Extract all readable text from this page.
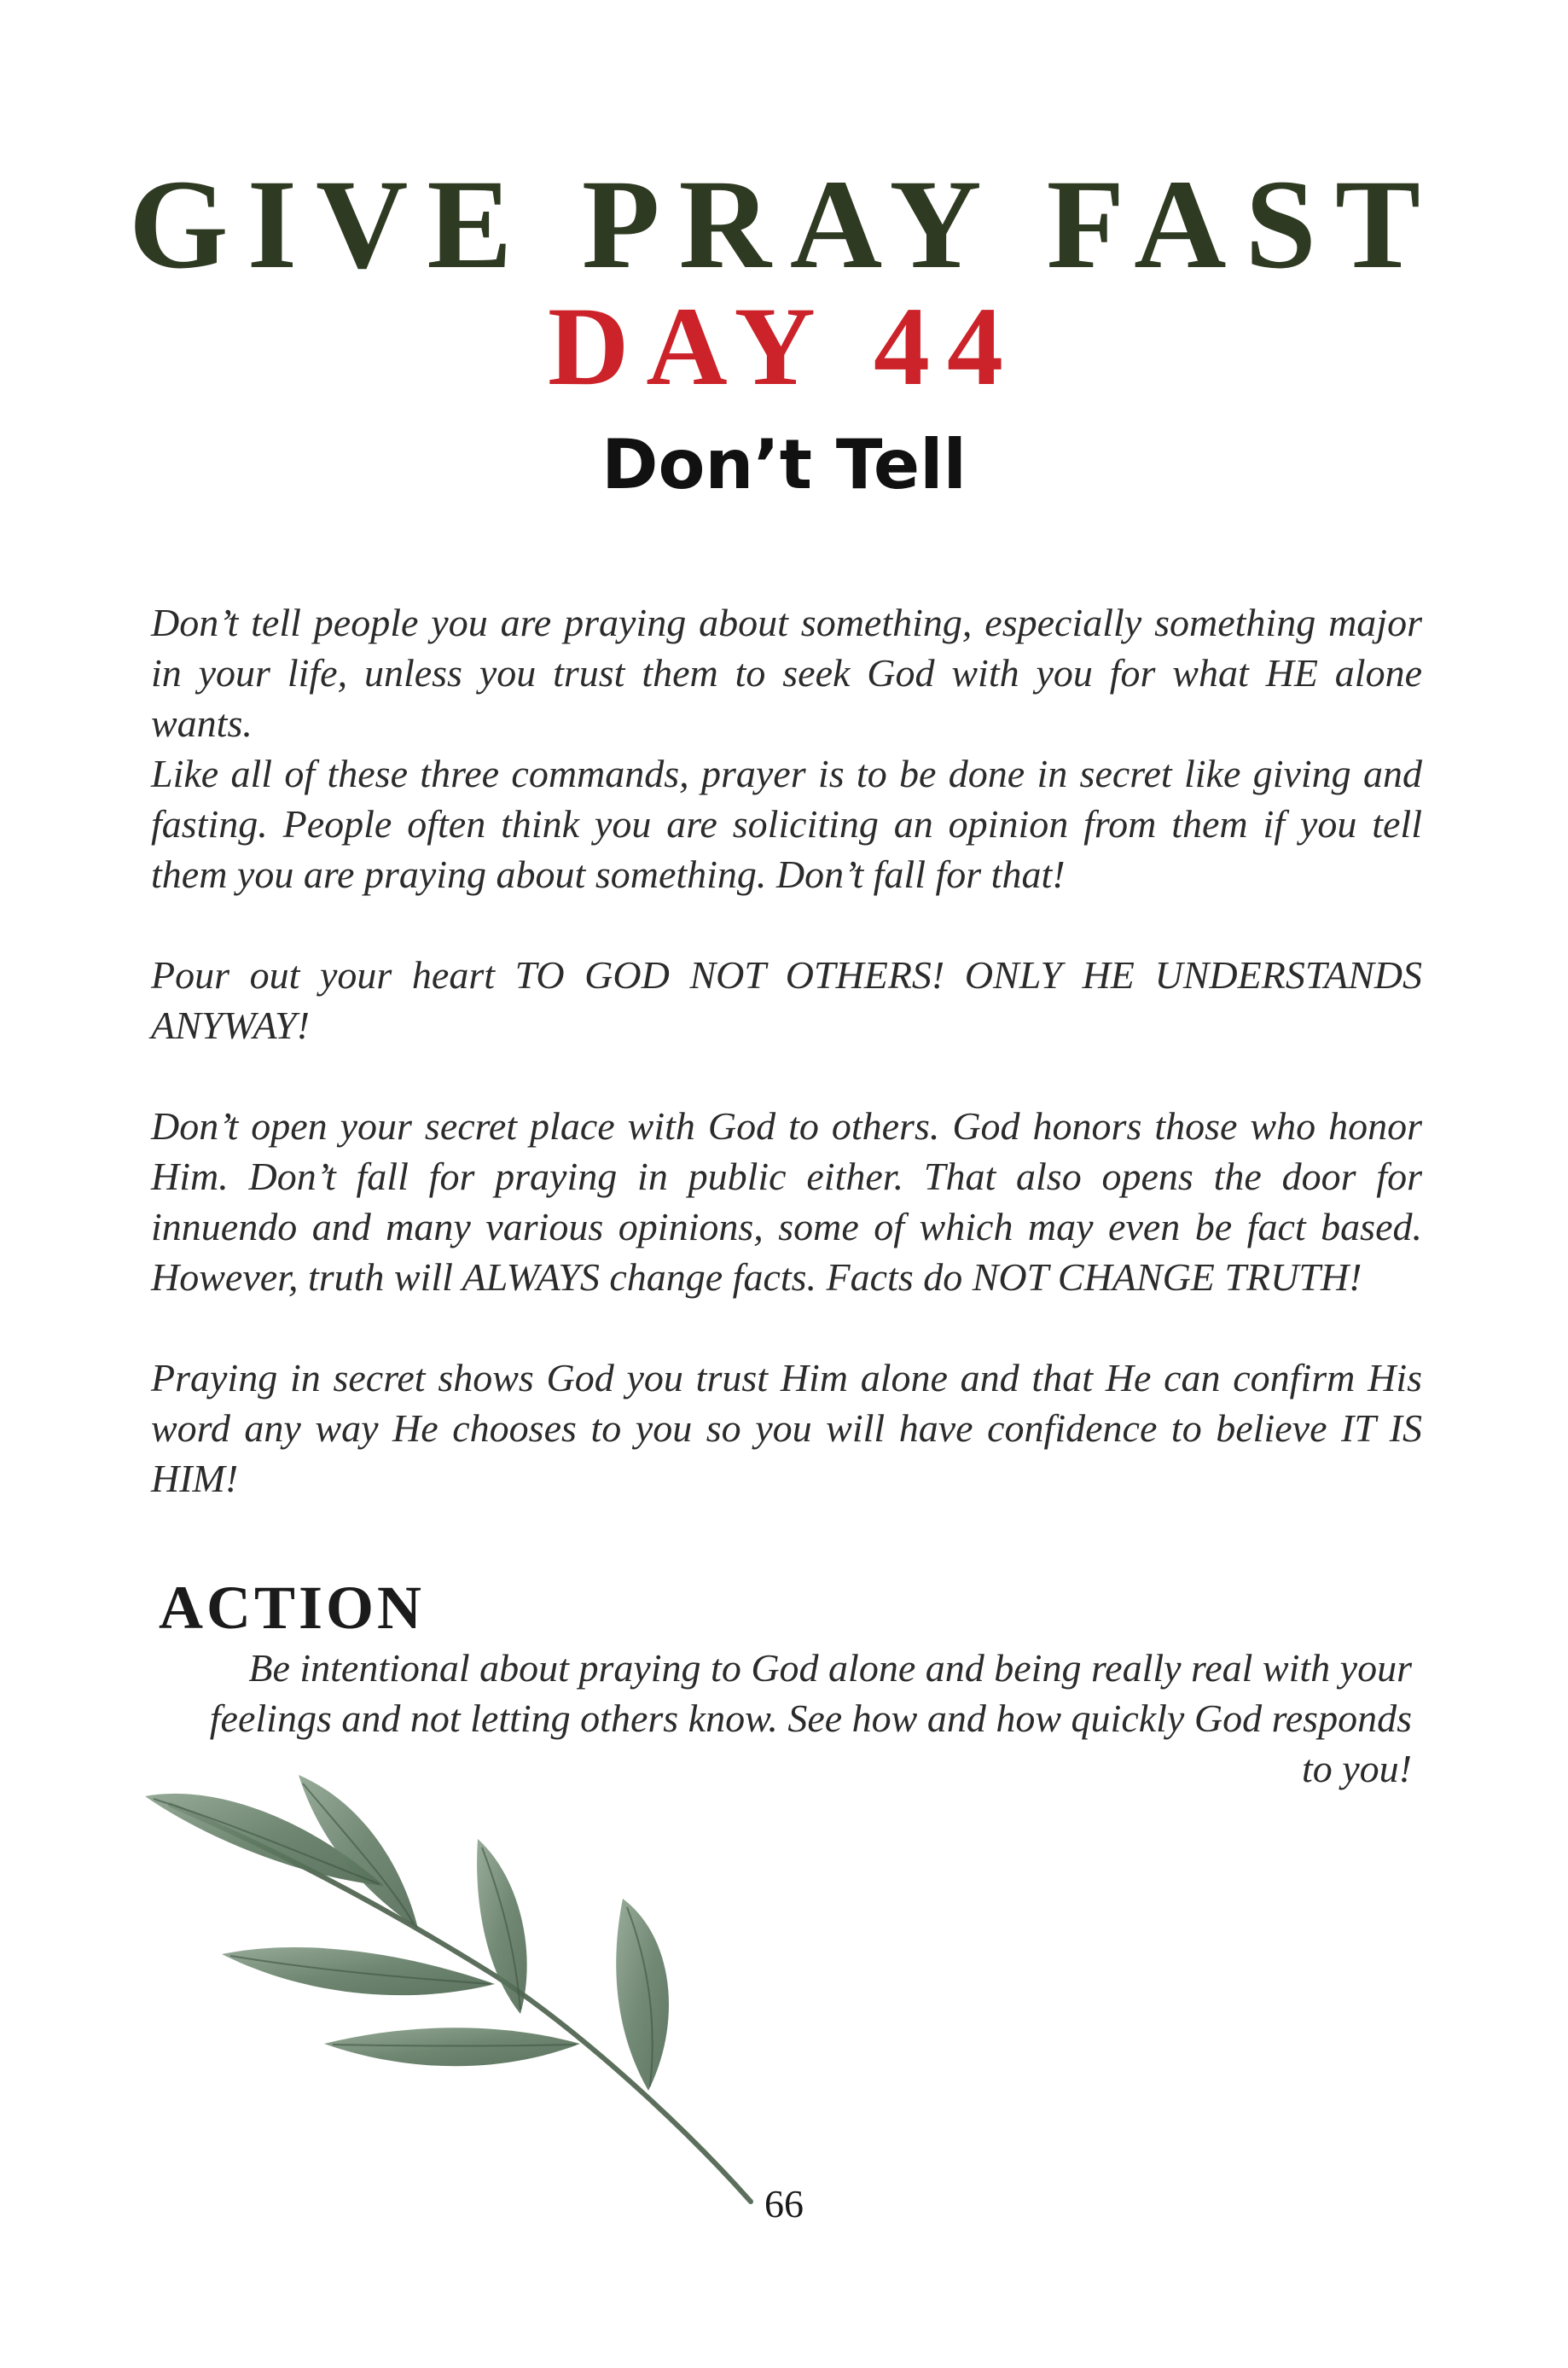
GIVE PRAY FAST
DAY 44
Don’t Tell

Don’t tell people you are praying about something, especially something major in your life, unless you trust them to seek God with you for what HE alone wants.

Like all of these three commands, prayer is to be done in secret like giving and fasting. People often think you are soliciting an opinion from them if you tell them you are praying about something. Don’t fall for that!

Pour out your heart TO GOD NOT OTHERS! ONLY HE UNDERSTANDS ANYWAY!

Don’t open your secret place with God to others. God honors those who honor Him. Don’t fall for praying in public either. That also opens the door for innuendo and many various opinions, some of which may even be fact based. However, truth will ALWAYS change facts. Facts do NOT CHANGE TRUTH!

Praying in secret shows God you trust Him alone and that He can confirm His word any way He chooses to you so you will have confidence to believe IT IS HIM!

ACTION

Be intentional about praying to God alone and being really real with your feelings and not letting others know. See how and how quickly God responds to you!

66
